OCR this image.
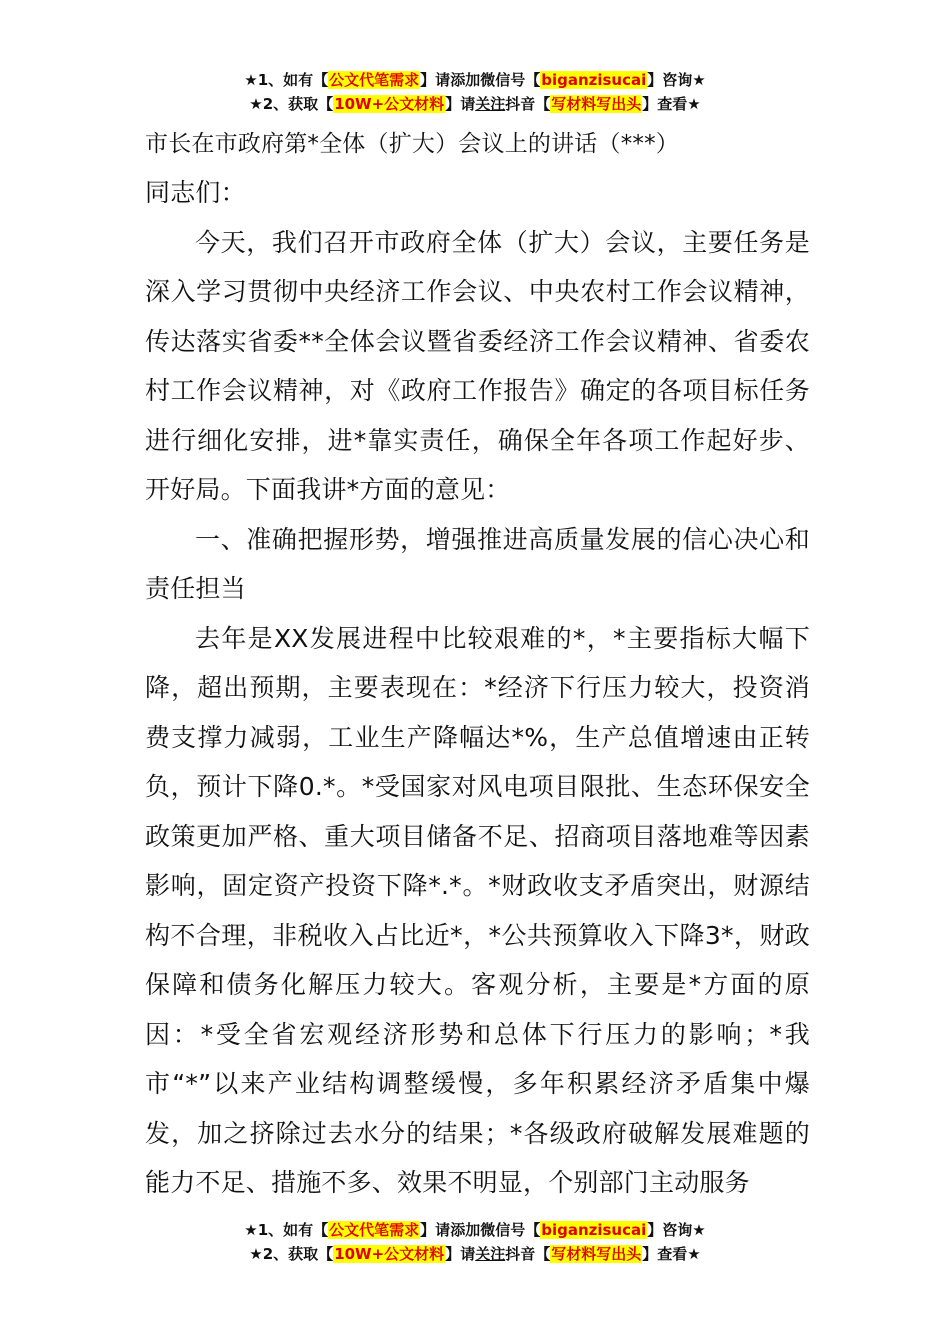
★1、如有【公文代笔需求】请添加微信号【biganzisucai】咨询★
★2、获取【10W+公文材料】请关注抖音【写材料写出头】查看★

市长在市政府第*全体（扩大）会议上的讲话（***）

同志们：

今天，我们召开市政府全体（扩大）会议，主要任务是深入学习贯彻中央经济工作会议、中央农村工作会议精神，传达落实省委**全体会议暨省委经济工作会议精神、省委农村工作会议精神，对《政府工作报告》确定的各项目标任务进行细化安排，进*靠实责任，确保全年各项工作起好步、开好局。下面我讲*方面的意见：

一、准确把握形势，增强推进高质量发展的信心决心和责任担当

去年是XX发展进程中比较艰难的*，*主要指标大幅下降，超出预期，主要表现在：*经济下行压力较大，投资消费支撑力减弱，工业生产降幅达*%，生产总值增速由正转负，预计下降0.*。*受国家对风电项目限批、生态环保安全政策更加严格、重大项目储备不足、招商项目落地难等因素影响，固定资产投资下降*.*。*财政收支矛盾突出，财源结构不合理，非税收入占比近*，*公共预算收入下降3*，财政保障和债务化解压力较大。客观分析，主要是*方面的原因：*受全省宏观经济形势和总体下行压力的影响；*我市“*”以来产业结构调整缓慢，多年积累经济矛盾集中爆发，加之挤除过去水分的结果；*各级政府破解发展难题的能力不足、措施不多、效果不明显，个别部门主动服务

★1、如有【公文代笔需求】请添加微信号【biganzisucai】咨询★
★2、获取【10W+公文材料】请关注抖音【写材料写出头】查看★
